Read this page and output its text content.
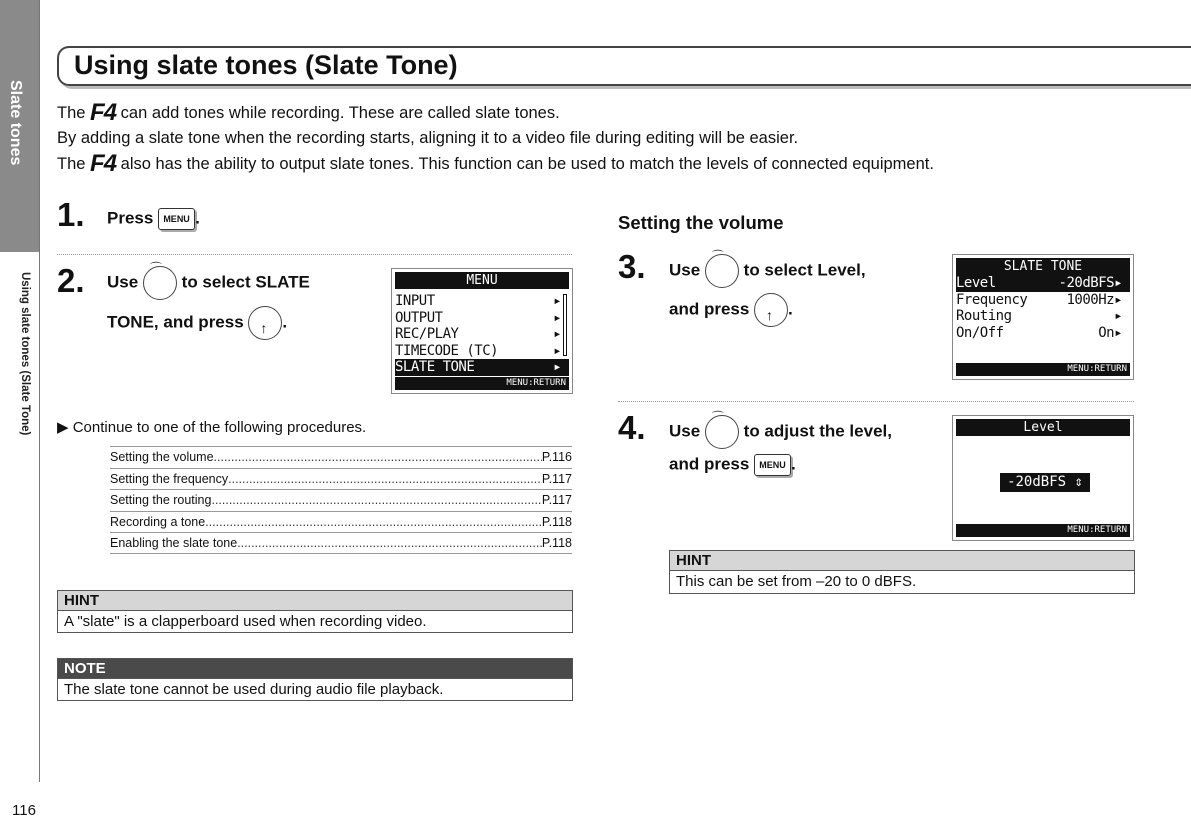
Slate tones
Using slate tones (Slate Tone)
116
Using slate tones (Slate Tone)
The F4 can add tones while recording. These are called slate tones.
By adding a slate tone when the recording starts, aligning it to a video file during editing will be easier.
The F4 also has the ability to output slate tones. This function can be used to match the levels of connected equipment.
1. Press MENU .
2. Use
⌒
to select SLATE
TONE, and press ↑ .
MENU
INPUT	▸
OUTPUT	▸
REC/PLAY	▸
TIMECODE (TC)	▸
SLATE TONE	▸
MENU:RETURN
▶ Continue to one of the following procedures.
Setting the volume .....	P.116
Setting the frequency .....	P.117
Setting the routing .....	P.117
Recording a tone .....	P.118
Enabling the slate tone .....	P.118
HINT
A "slate" is a clapperboard used when recording video.
NOTE
The slate tone cannot be used during audio file playback.
Setting the volume
3. Use
⌒
to select Level,
and press ↑ .
SLATE TONE
Level	-20dBFS▸
Frequency	1000Hz▸
Routing	▸
On/Off	On▸
MENU:RETURN
4. Use
⌒
to adjust the level,
and press MENU .
Level
-20dBFS ⇕
MENU:RETURN
HINT
This can be set from –20 to 0 dBFS.
